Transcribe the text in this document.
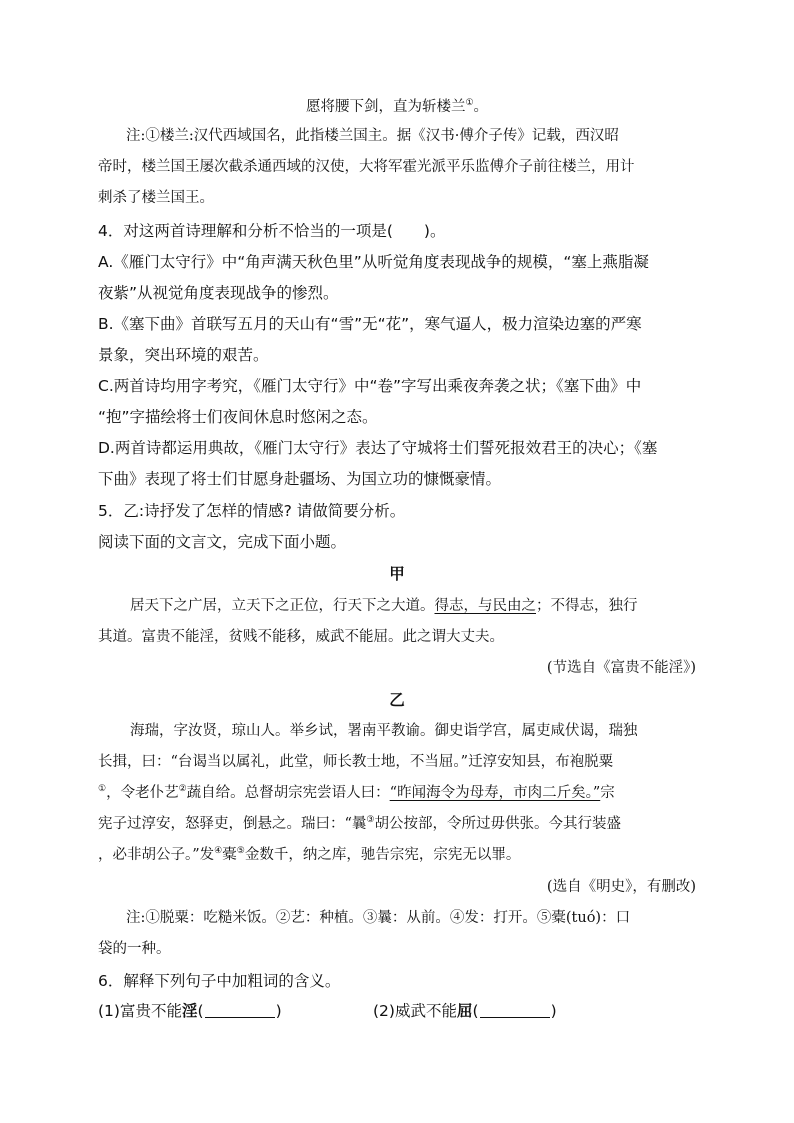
愿将腰下剑，直为斩楼兰①。
注:①楼兰:汉代西域国名，此指楼兰国主。据《汉书·傅介子传》记载，西汉昭
帝时，楼兰国王屡次截杀通西域的汉使，大将军霍光派平乐监傅介子前往楼兰，用计
刺杀了楼兰国王。
4．对这两首诗理解和分析不恰当的一项是(　　)。
A.《雁门太守行》中“角声满天秋色里”从听觉角度表现战争的规模，“塞上燕脂凝
夜紫”从视觉角度表现战争的惨烈。
B.《塞下曲》首联写五月的天山有“雪”无“花”，寒气逼人，极力渲染边塞的严寒
景象，突出环境的艰苦。
C.两首诗均用字考究，《雁门太守行》中“卷”字写出乘夜奔袭之状；《塞下曲》中
“抱”字描绘将士们夜间休息时悠闲之态。
D.两首诗都运用典故，《雁门太守行》表达了守城将士们誓死报效君王的决心；《塞
下曲》表现了将士们甘愿身赴疆场、为国立功的慷慨豪情。
5．乙:诗抒发了怎样的情感? 请做简要分析。
阅读下面的文言文，完成下面小题。
甲
居天下之广居，立天下之正位，行天下之大道。得志，与民由之；不得志，独行
其道。富贵不能淫，贫贱不能移，威武不能屈。此之谓大丈夫。
(节选自《富贵不能淫》)
乙
海瑞，字汝贤，琼山人。举乡试，署南平教谕。御史诣学宫，属吏咸伏谒，瑞独
长揖，曰：“台谒当以属礼，此堂，师长教士地，不当屈。”迁淳安知县，布袍脱粟
①，令老仆艺②蔬自给。总督胡宗宪尝语人曰：“昨闻海令为母寿，市肉二斤矣。”宗
宪子过淳安，怒驿吏，倒悬之。瑞曰：“曩③胡公按部，令所过毋供张。今其行装盛
，必非胡公子。”发④橐⑤金数千，纳之库，驰告宗宪，宗宪无以罪。
(选自《明史》，有删改)
注:①脱粟：吃糙米饭。②艺：种植。③曩：从前。④发：打开。⑤橐(tuó)：口
袋的一种。
6．解释下列句子中加粗词的含义。
(1)富贵不能淫(	)	(2)威武不能屈(	)
